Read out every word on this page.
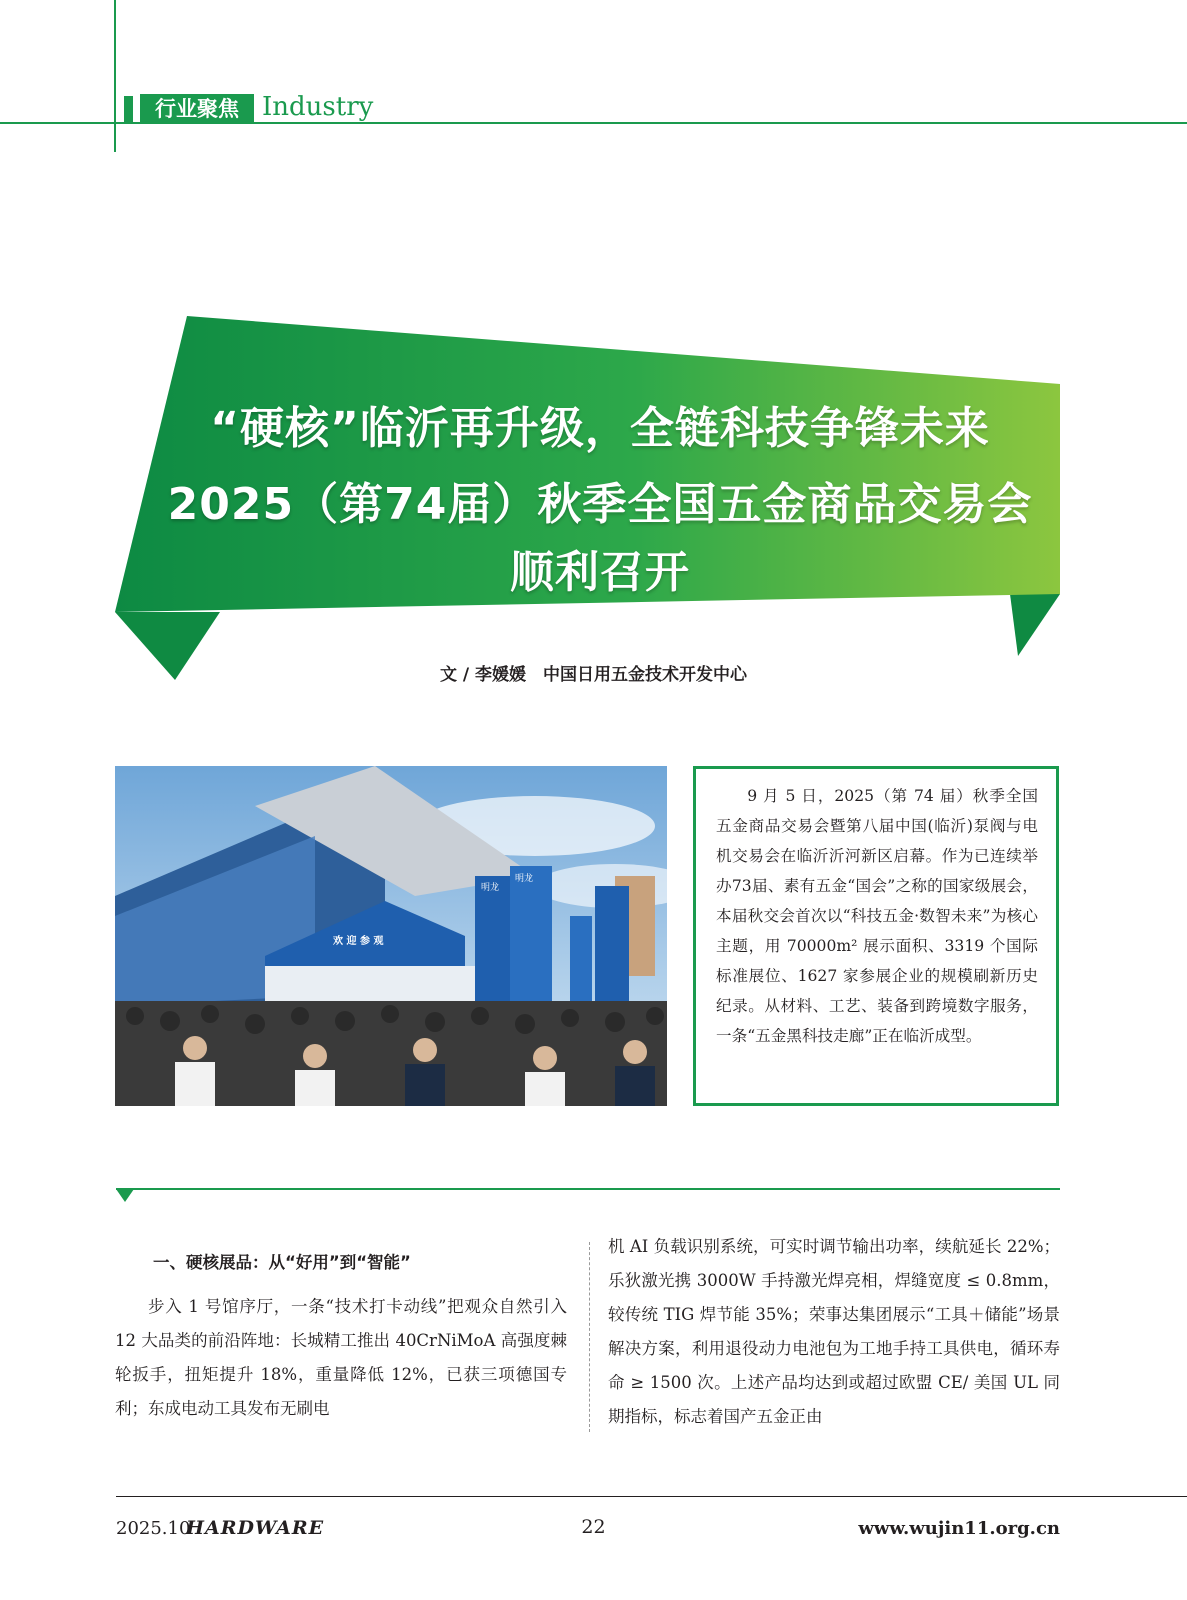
行业聚焦 Industry
“硬核”临沂再升级，全链科技争锋未来
2025（第74届）秋季全国五金商品交易会
顺利召开
文 / 李媛媛　中国日用五金技术开发中心
欢 迎 参 观
明龙
明龙

9 月 5 日，2025（第 74 届）秋季全国五金商品交易会暨第八届中国(临沂)泵阀与电机交易会在临沂沂河新区启幕。作为已连续举办73届、素有五金“国会”之称的国家级展会，本届秋交会首次以“科技五金·数智未来”为核心主题，用 70000m² 展示面积、3319 个国际标准展位、1627 家参展企业的规模刷新历史纪录。从材料、工艺、装备到跨境数字服务，一条“五金黑科技走廊”正在临沂成型。

一、硬核展品：从“好用”到“智能”

步入 1 号馆序厅，一条“技术打卡动线”把观众自然引入 12 大品类的前沿阵地：长城精工推出 40CrNiMoA 高强度棘轮扳手，扭矩提升 18%，重量降低 12%，已获三项德国专利；东成电动工具发布无刷电

机 AI 负载识别系统，可实时调节输出功率，续航延长 22%；乐狄激光携 3000W 手持激光焊亮相，焊缝宽度 ≤ 0.8mm，较传统 TIG 焊节能 35%；荣事达集团展示“工具＋储能”场景解决方案，利用退役动力电池包为工地手持工具供电，循环寿命 ≥ 1500 次。上述产品均达到或超过欧盟 CE/ 美国 UL 同期指标，标志着国产五金正由

2025.10
HARDWARE	22	www.wujin11.org.cn
